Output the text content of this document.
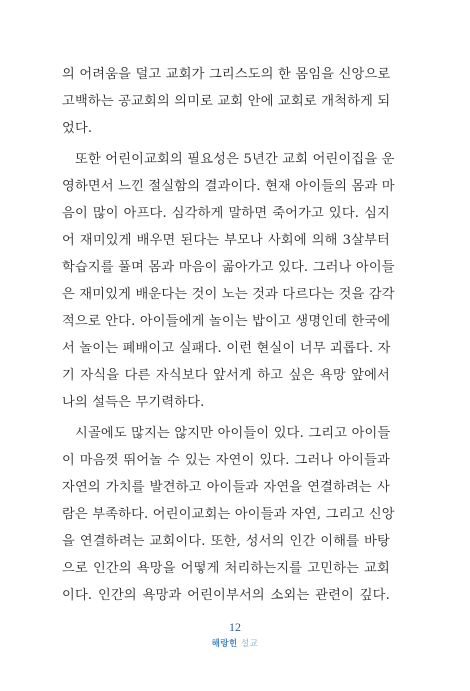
의 어려움을 덜고 교회가 그리스도의 한 몸임을 신앙으로
고백하는 공교회의 의미로 교회 안에 교회로 개척하게 되
었다.
또한 어린이교회의 필요성은 5년간 교회 어린이집을 운
영하면서 느낀 절실함의 결과이다. 현재 아이들의 몸과 마
음이 많이 아프다. 심각하게 말하면 죽어가고 있다. 심지
어 재미있게 배우면 된다는 부모나 사회에 의해 3살부터
학습지를 풀며 몸과 마음이 곪아가고 있다. 그러나 아이들
은 재미있게 배운다는 것이 노는 것과 다르다는 것을 감각
적으로 안다. 아이들에게 놀이는 밥이고 생명인데 한국에
서 놀이는 폐배이고 실패다. 이런 현실이 너무 괴롭다. 자
기 자식을 다른 자식보다 앞서게 하고 싶은 욕망 앞에서
나의 설득은 무기력하다.
시골에도 많지는 않지만 아이들이 있다. 그리고 아이들
이 마음껏 뛰어놀 수 있는 자연이 있다. 그러나 아이들과
자연의 가치를 발견하고 아이들과 자연을 연결하려는 사
람은 부족하다. 어린이교회는 아이들과 자연, 그리고 신앙
을 연결하려는 교회이다. 또한, 성서의 인간 이해를 바탕
으로 인간의 욕망을 어떻게 처리하는지를 고민하는 교회
이다. 인간의 욕망과 어린이부서의 소외는 관련이 깊다.
12
해랑힌 설교
